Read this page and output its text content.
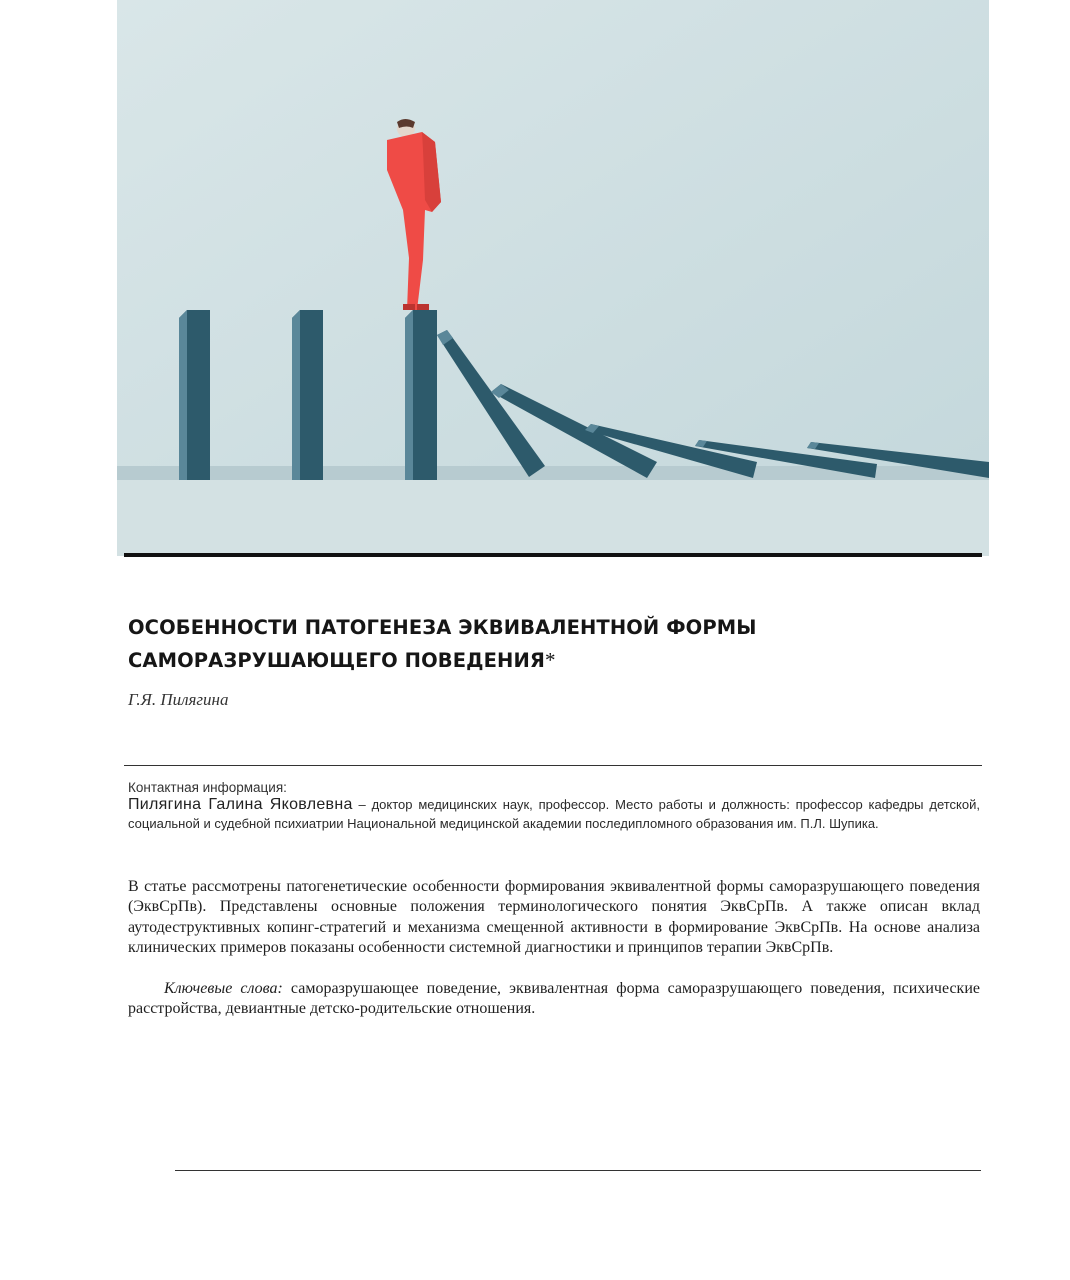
ОСОБЕННОСТИ ПАТОГЕНЕЗА ЭКВИВАЛЕНТНОЙ ФОРМЫ
САМОРАЗРУШАЮЩЕГО ПОВЕДЕНИЯ*
Г.Я. Пилягина
Контактная информация:

Пилягина Галина Яковлевна – доктор медицинских наук, профессор. Место работы и должность: профессор кафедры детской, социальной и судебной психиатрии Национальной медицинской академии последипломного образования им. П.Л. Шупика.

В статье рассмотрены патогенетические особенности формирования эквивалентной формы саморазрушающего поведения (ЭквСрПв). Представлены основные положения терминологического понятия ЭквСрПв. А также описан вклад аутодеструктивных копинг-стратегий и механизма смещенной активности в формирование ЭквСрПв. На основе анализа клинических примеров показаны особенности системной диагностики и принципов терапии ЭквСрПв.

Ключевые слова: саморазрушающее поведение, эквивалентная форма саморазрушающего поведения, психические расстройства, девиантные детско-родительские отношения.
